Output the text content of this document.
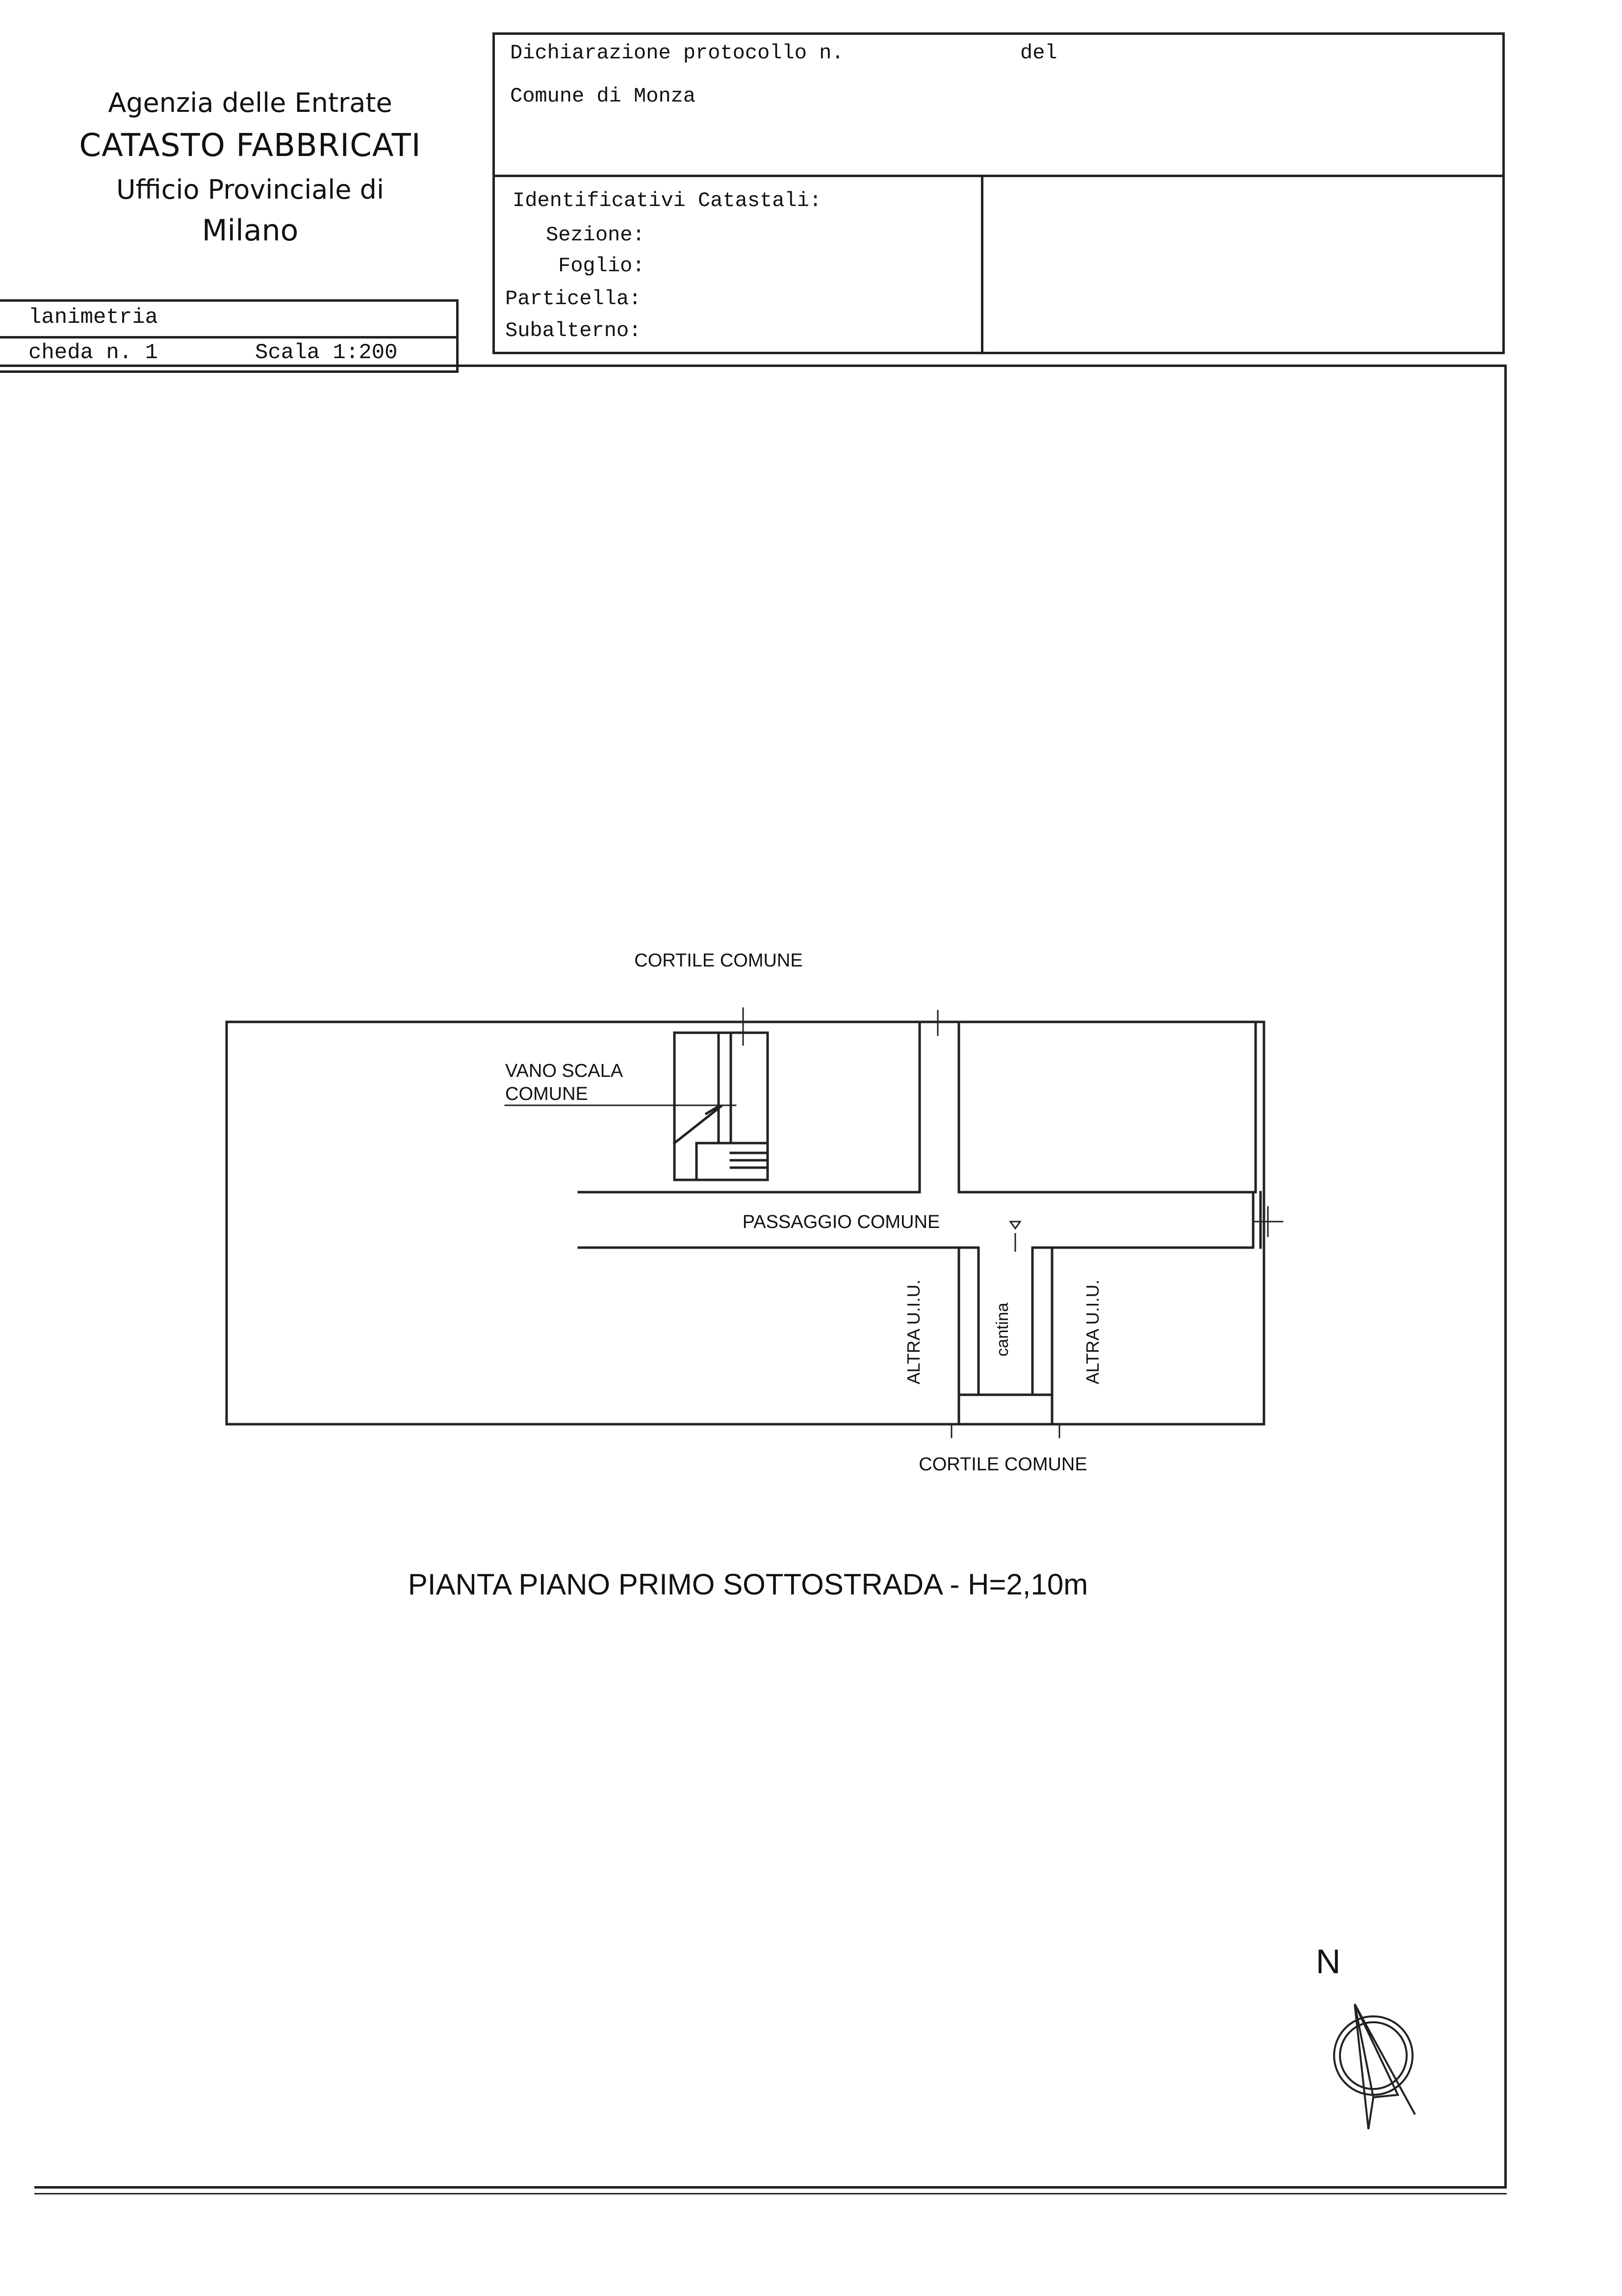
Agenzia delle Entrate
CATASTO FABBRICATI
Ufficio Provinciale di
Milano
lanimetria
cheda n. 1	Scala 1:200
Dichiarazione protocollo n.	del
Comune di Monza
Identificativi Catastali:
Sezione:
Foglio:
Particella:
Subalterno:
CORTILE COMUNE
VANO SCALA
COMUNE
PASSAGGIO COMUNE
ALTRA U.I.U.	cantina	ALTRA U.I.U.
CORTILE COMUNE
PIANTA PIANO PRIMO SOTTOSTRADA - H=2,10m
N
